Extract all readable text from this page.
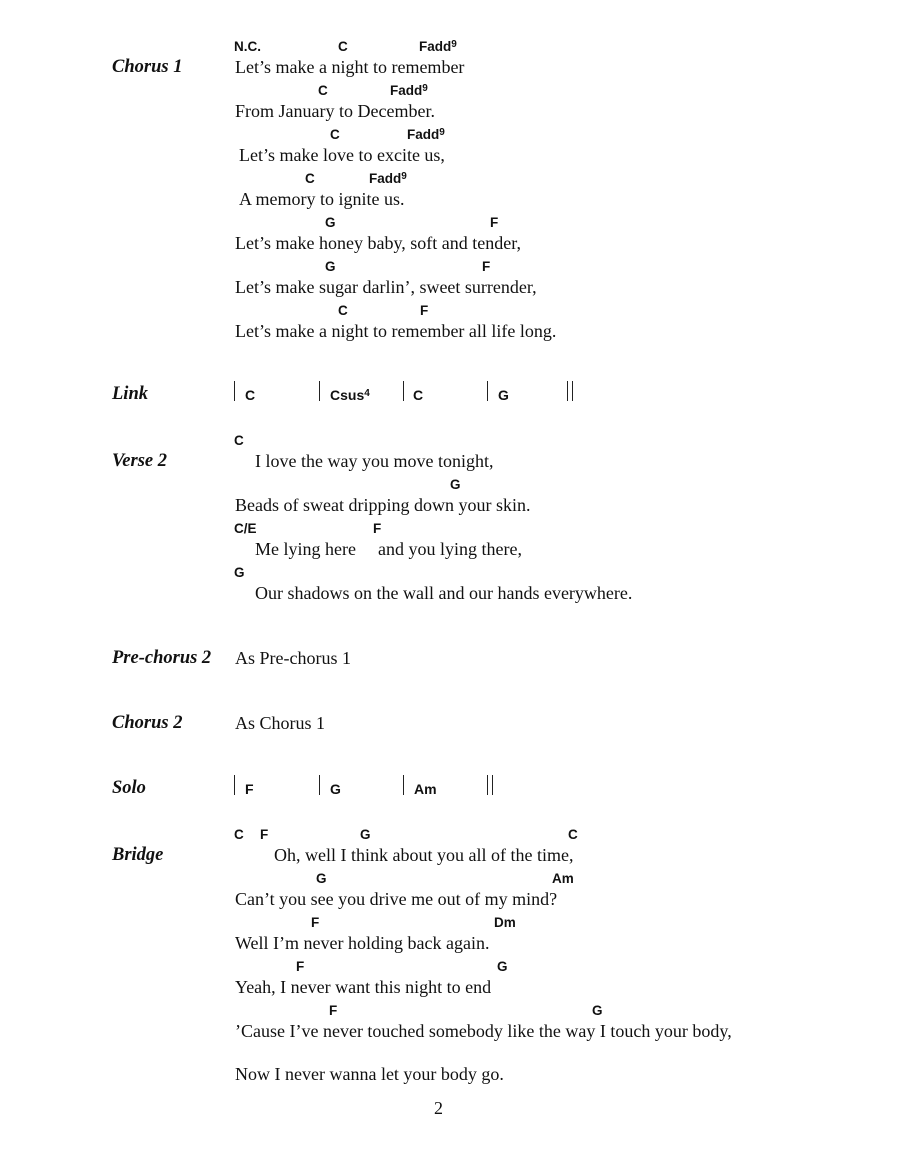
Chorus 1
N.C.	C	Fadd$^9$
Let’s make a night to remember
C	Fadd$^9$
From January to December.
C	Fadd$^9$
Let’s make love to excite us,
C	Fadd$^9$
A memory to ignite us.
G	F
Let’s make honey baby, soft and tender,
G	F
Let’s make sugar darlin’, sweet surrender,
C	F
Let’s make a night to remember all life long.
Link	C	Csus$^4$	C	G
Verse 2
C
I love the way you move tonight,
G
Beads of sweat dripping down your skin.
C/E	F
Me lying here and you lying there,
G
Our shadows on the wall and our hands everywhere.
Pre-chorus 2 As Pre-chorus 1
Chorus 2	As Chorus 1
Solo	F	G	Am
Bridge
C F	G	C
Oh, well I think about you all of the time,
G	Am
Can’t you see you drive me out of my mind?
F	Dm
Well I’m never holding back again.
F	G
Yeah, I never want this night to end
F	G
’Cause I’ve never touched somebody like the way I touch your body,
Now I never wanna let your body go.
2
